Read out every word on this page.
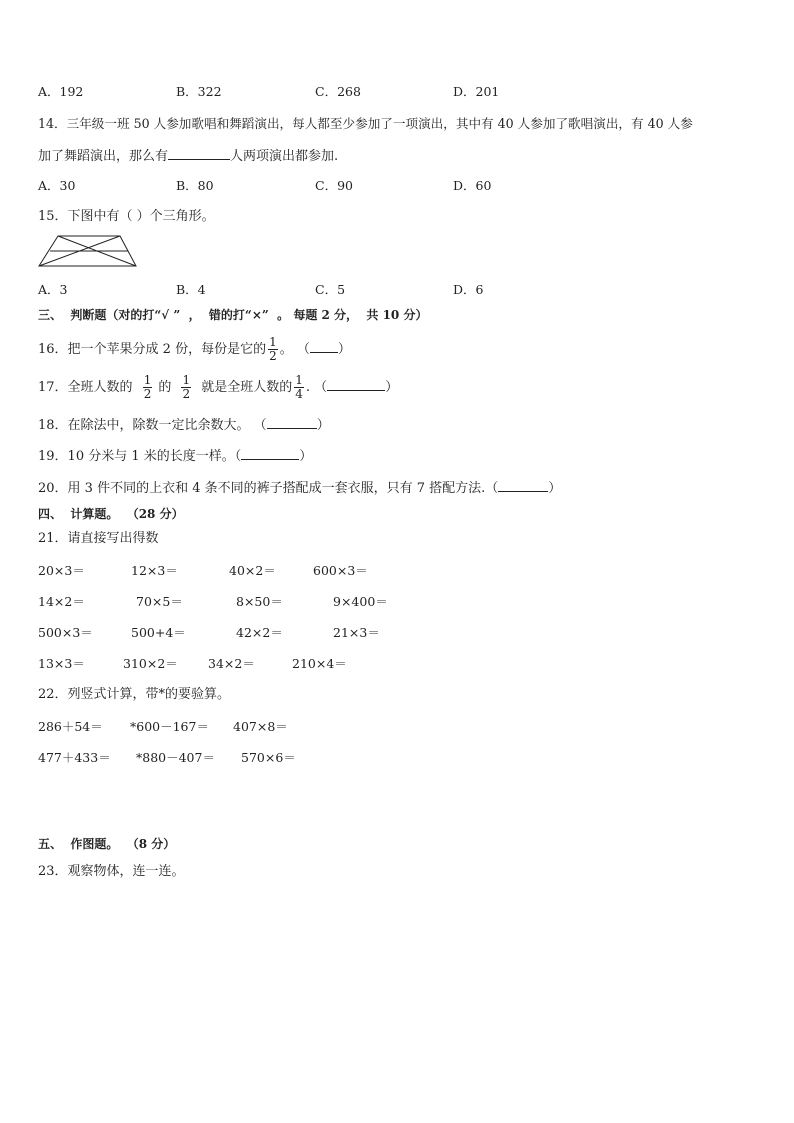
A．192	B．322	C．268	D．201
14．三年级一班 50 人参加歌唱和舞蹈演出，每人都至少参加了一项演出，其中有 40 人参加了歌唱演出，有 40 人参
加了舞蹈演出，那么有	人两项演出都参加.
A．30	B．80	C．90	D．60
15．下图中有（ ）个三角形。
A．3	B．4	C．5	D．6
三、  判断题（对的打“√ ”  ，  错的打“×”  。 每题 2 分，  共 10 分）
16．把一个苹果分成 2 份，每份是它的 $\frac{1}{2}$ 。 （ ）
17．全班人数的 $\frac{1}{2}$ 的 $\frac{1}{2}$ 就是全班人数的 $\frac{1}{4}$ . （	）
18．在除法中，除数一定比余数大。 （	）
19．10 分米与 1 米的长度一样。（	）
20．用 3 件不同的上衣和 4 条不同的裤子搭配成一套衣服，只有 7 搭配方法.（	）
四、  计算题。  （28 分）
21．请直接写出得数
20×3＝	12×3＝	40×2＝	600×3＝
14×2＝	70×5＝	8×50＝	9×400＝
500×3＝	500+4＝	42×2＝	21×3＝
13×3＝	310×2＝ 34×2＝	210×4＝
22．列竖式计算，带*的要验算。
286＋54＝ *600－167＝ 407×8＝
477＋433＝ *880－407＝ 570×6＝
五、  作图题。  （8 分）
23．观察物体，连一连。
